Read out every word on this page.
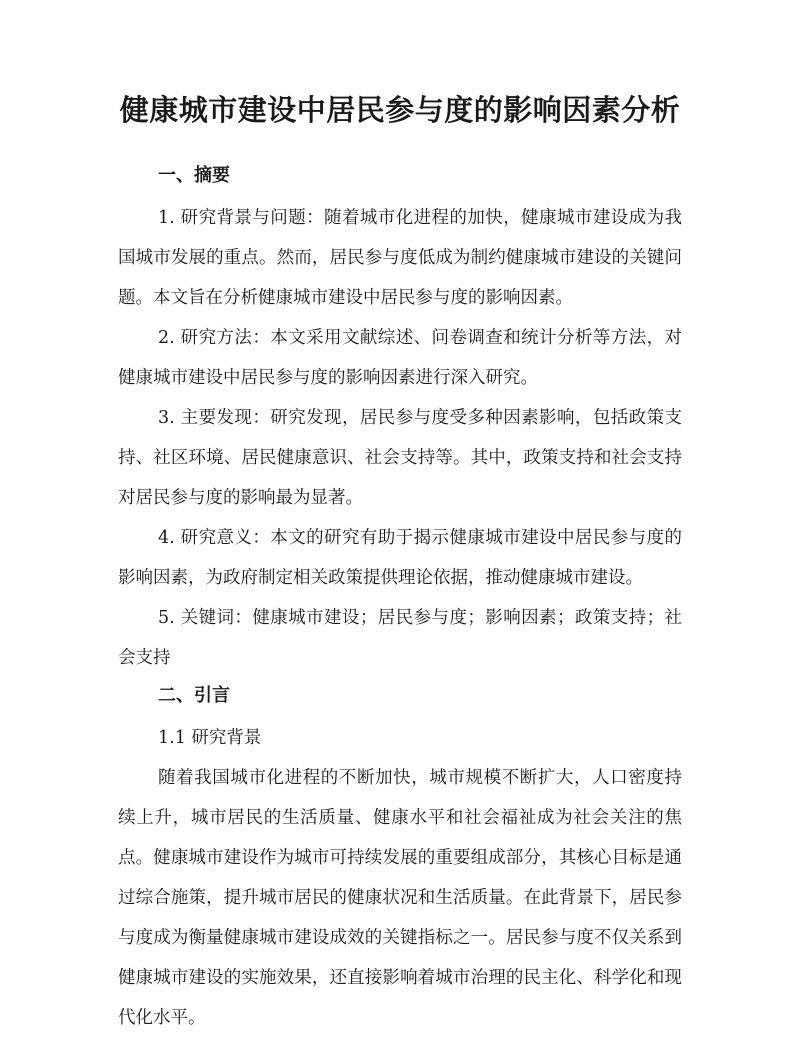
健康城市建设中居民参与度的影响因素分析
一、摘要

1. 研究背景与问题：随着城市化进程的加快，健康城市建设成为我国城市发展的重点。然而，居民参与度低成为制约健康城市建设的关键问题。本文旨在分析健康城市建设中居民参与度的影响因素。

2. 研究方法：本文采用文献综述、问卷调查和统计分析等方法，对健康城市建设中居民参与度的影响因素进行深入研究。

3. 主要发现：研究发现，居民参与度受多种因素影响，包括政策支持、社区环境、居民健康意识、社会支持等。其中，政策支持和社会支持对居民参与度的影响最为显著。

4. 研究意义：本文的研究有助于揭示健康城市建设中居民参与度的影响因素，为政府制定相关政策提供理论依据，推动健康城市建设。

5. 关键词：健康城市建设；居民参与度；影响因素；政策支持；社会支持

二、引言

1.1 研究背景

随着我国城市化进程的不断加快，城市规模不断扩大，人口密度持续上升，城市居民的生活质量、健康水平和社会福祉成为社会关注的焦点。健康城市建设作为城市可持续发展的重要组成部分，其核心目标是通过综合施策，提升城市居民的健康状况和生活质量。在此背景下，居民参与度成为衡量健康城市建设成效的关键指标之一。居民参与度不仅关系到健康城市建设的实施效果，还直接影响着城市治理的民主化、科学化和现代化水平。
